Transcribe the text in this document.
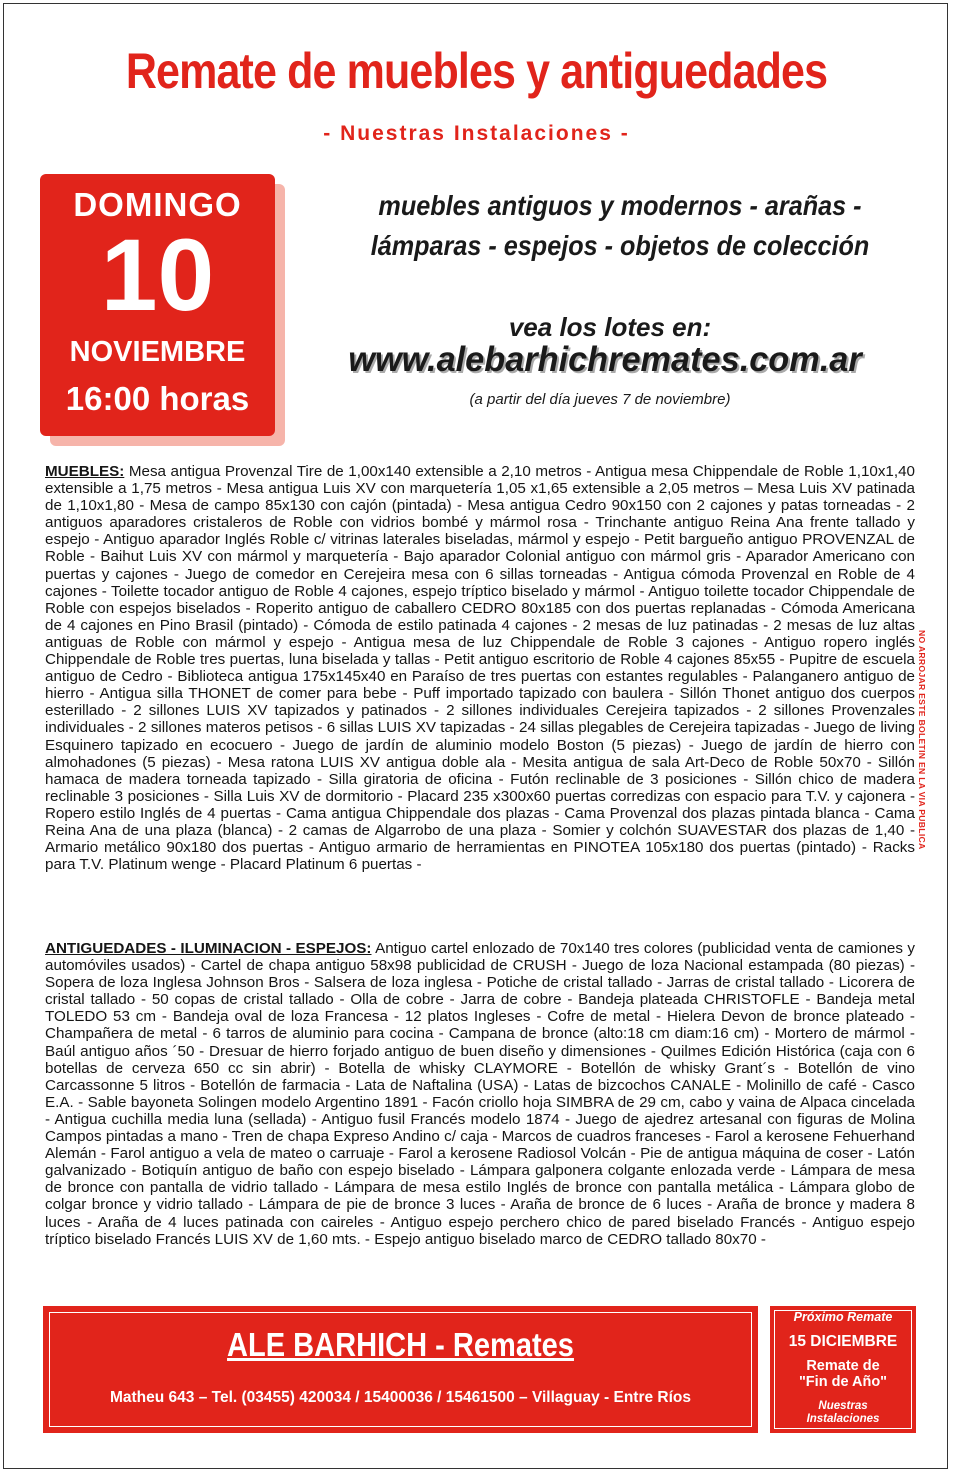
Remate de muebles y antiguedades
- Nuestras Instalaciones -
DOMINGO
10
NOVIEMBRE
16:00 horas
muebles antiguos y modernos - arañas -
lámparas - espejos - objetos de colección
vea los lotes en:
www.alebarhichremates.com.ar
(a partir del día jueves 7 de noviembre)
MUEBLES: Mesa antigua Provenzal Tire de 1,00x140 extensible a 2,10 metros - Antigua mesa Chippendale de Roble 1,10x1,40 extensible a 1,75 metros - Mesa antigua Luis XV con marquetería 1,05 x1,65 extensible a 2,05 metros – Mesa Luis XV patinada de 1,10x1,80 - Mesa de campo 85x130 con cajón (pintada) - Mesa antigua Cedro 90x150 con 2 cajones y patas torneadas - 2 antiguos aparadores cristaleros de Roble con vidrios bombé y mármol rosa - Trinchante antiguo Reina Ana frente tallado y espejo - Antiguo aparador Inglés Roble c/ vitrinas laterales biseladas, mármol y espejo - Petit bargueño antiguo PROVENZAL de Roble - Baihut Luis XV con mármol y marquetería - Bajo aparador Colonial antiguo con mármol gris - Aparador Americano con puertas y cajones - Juego de comedor en Cerejeira mesa con 6 sillas torneadas - Antigua cómoda Provenzal en Roble de 4 cajones - Toilette tocador antiguo de Roble 4 cajones, espejo tríptico biselado y mármol - Antiguo toilette tocador Chippendale de Roble con espejos biselados - Roperito antiguo de caballero CEDRO 80x185 con dos puertas replanadas - Cómoda Americana de 4 cajones en Pino Brasil (pintado) - Cómoda de estilo patinada 4 cajones - 2 mesas de luz patinadas - 2 mesas de luz altas antiguas de Roble con mármol y espejo - Antigua mesa de luz Chippendale de Roble 3 cajones - Antiguo ropero inglés Chippendale de Roble tres puertas, luna biselada y tallas - Petit antiguo escritorio de Roble 4 cajones 85x55 - Pupitre de escuela antiguo de Cedro - Biblioteca antigua 175x145x40 en Paraíso de tres puertas con estantes regulables - Palanganero antiguo de hierro - Antigua silla THONET de comer para bebe - Puff importado tapizado con baulera - Sillón Thonet antiguo dos cuerpos esterillado - 2 sillones LUIS XV tapizados y patinados - 2 sillones individuales Cerejeira tapizados - 2 sillones Provenzales individuales - 2 sillones materos petisos - 6 sillas LUIS XV tapizadas - 24 sillas plegables de Cerejeira tapizadas - Juego de living Esquinero tapizado en ecocuero - Juego de jardín de aluminio modelo Boston (5 piezas) - Juego de jardín de hierro con almohadones (5 piezas) - Mesa ratona LUIS XV antigua doble ala - Mesita antigua de sala Art-Deco de Roble 50x70 - Sillón hamaca de madera torneada tapizado - Silla giratoria de oficina - Futón reclinable de 3 posiciones - Sillón chico de madera reclinable 3 posiciones - Silla Luis XV de dormitorio - Placard 235 x300x60 puertas corredizas con espacio para T.V. y cajonera - Ropero estilo Inglés de 4 puertas - Cama antigua Chippendale dos plazas - Cama Provenzal dos plazas pintada blanca - Cama Reina Ana de una plaza (blanca) - 2 camas de Algarrobo de una plaza - Somier y colchón SUAVESTAR dos plazas de 1,40 - Armario metálico 90x180 dos puertas - Antiguo armario de herramientas en PINOTEA 105x180 dos puertas (pintado) - Racks para T.V. Platinum wenge - Placard Platinum 6 puertas -
ANTIGUEDADES - ILUMINACION - ESPEJOS: Antiguo cartel enlozado de 70x140 tres colores (publicidad venta de camiones y automóviles usados) - Cartel de chapa antiguo 58x98 publicidad de CRUSH - Juego de loza Nacional estampada (80 piezas) - Sopera de loza Inglesa Johnson Bros - Salsera de loza inglesa - Potiche de cristal tallado - Jarras de cristal tallado - Licorera de cristal tallado - 50 copas de cristal tallado - Olla de cobre - Jarra de cobre - Bandeja plateada CHRISTOFLE - Bandeja metal TOLEDO 53 cm - Bandeja oval de loza Francesa - 12 platos Ingleses - Cofre de metal - Hielera Devon de bronce plateado - Champañera de metal - 6 tarros de aluminio para cocina - Campana de bronce (alto:18 cm diam:16 cm) - Mortero de mármol - Baúl antiguo años ´50 - Dresuar de hierro forjado antiguo de buen diseño y dimensiones - Quilmes Edición Histórica (caja con 6 botellas de cerveza 650 cc sin abrir) - Botella de whisky CLAYMORE - Botellón de whisky Grant´s - Botellón de vino Carcassonne 5 litros - Botellón de farmacia - Lata de Naftalina (USA) - Latas de bizcochos CANALE - Molinillo de café - Casco E.A. - Sable bayoneta Solingen modelo Argentino 1891 - Facón criollo hoja SIMBRA de 29 cm, cabo y vaina de Alpaca cincelada - Antigua cuchilla media luna (sellada) - Antiguo fusil Francés modelo 1874 - Juego de ajedrez artesanal con figuras de Molina Campos pintadas a mano - Tren de chapa Expreso Andino c/ caja - Marcos de cuadros franceses - Farol a kerosene Fehuerhand Alemán - Farol antiguo a vela de mateo o carruaje - Farol a kerosene Radiosol Volcán - Pie de antigua máquina de coser - Latón galvanizado - Botiquín antiguo de baño con espejo biselado - Lámpara galponera colgante enlozada verde - Lámpara de mesa de bronce con pantalla de vidrio tallado - Lámpara de mesa estilo Inglés de bronce con pantalla metálica - Lámpara globo de colgar bronce y vidrio tallado - Lámpara de pie de bronce 3 luces - Araña de bronce de 6 luces - Araña de bronce y madera 8 luces - Araña de 4 luces patinada con caireles - Antiguo espejo perchero chico de pared biselado Francés - Antiguo espejo tríptico biselado Francés LUIS XV de 1,60 mts. - Espejo antiguo biselado marco de CEDRO tallado 80x70 -
NO ARROJAR ESTE BOLETIN EN LA VIA PUBLICA
ALE BARHICH - Remates
Matheu 643 – Tel. (03455) 420034 / 15400036 / 15461500 – Villaguay - Entre Ríos
Próximo Remate
15 DICIEMBRE
Remate de
"Fin de Año"
Nuestras
Instalaciones
